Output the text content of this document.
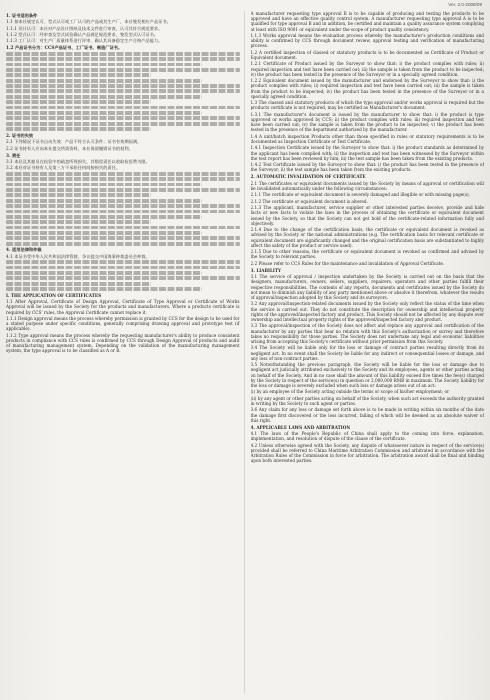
Ver. 2.0-2008/09

1. 证书适用条件

1.1 按本社规定认可、型式认可或工厂认可的产品或其生产厂，本社签发相应产品证书。

1.1.1 设计认可：本社对产品设计图纸及技术文件进行审查，认可其符合规范要求。

1.1.2 型式认可：经审查及型式试验确认产品满足规范要求，签发型式认可证书。

1.1.3 工厂认可：对生产厂质量体系进行评审，确认其具备稳定生产合格产品能力。

1.2 产品证书分为：CCS产品证书、工厂证书、制造厂证书。

2. 证书的失效

2.1 下列情况下证书自动失效：产品不符合认可条件；证书有效期届满。

2.2 证书持有人应向本社提交所需资料，本社保留撤销证书的权利。

3. 责任

3.1 本社及其雇员在检验中的疏忽所致损失，其赔偿责任以收取检验费为限。

3.2 本社对证书持有人及第三方不承担任何间接损失的责任。

4. 适用法律和仲裁

4.1 本证书受中华人民共和国法律管辖，争议提交中国海事仲裁委员会仲裁。

I. THE APPLICATION OF CERTIFICATES

1.1 After Approval, Certificate of Design Approval, Certificate of Type Approval or Certificate of Works Approval will be issued by the Society for the products and manufacturers. Where a products certificate is required by CCS' rules, the Approval Certificate cannot replace it.

1.1.1 Design approval means the process whereby permission is granted by CCS for the design to be used for a stated purpose under specific conditions, generally comprising drawing approval and prototype test (if applicable).

1.1.2 Type approval means the process whereby the requesting manufacturer's ability to produce consistent products in compliance with CCS rules is confirmed by CCS through Design Approval of products and audit of manufacturing management system. Depending on the validation of the manufacturing management system, the type approval is to be classified as A or B.

A manufacturer requesting type approval B is to be capable of producing and testing the products to be approved and have an effective quality control system. A manufacturer requesting type approval A is to be qualified for type approval B and in addition, be certified and maintain a quality assurance system complying at least with ISO 9001 or equivalent under the scope of product quality consistency.

1.1.3 Works approval means the evaluation process whereby the manufacturer's production conditions and ability is confirmed by CCS through document review, approval testing and verification of manufacturing process.

1.2 A certified inspection of classed or statutory products is to be documented as Certificate of Product or Equivalent document.

1.2.1 Certificate of Product issued by the Surveyor to show that: i) the product complies with rules; ii) required inspection and test have been carried out; iii) the sample is taken from the product to be inspected; iv) the product has been tested in the presence of the Surveyor or in a specially agreed condition.

1.2.2 Equivalent document issued by the manufacturer and endorsed by the Surveyor to show that: i) the product complies with rules; ii) required inspection and test have been carried out; iii) the sample is taken from the product to be inspected; iv) the product has been tested in the presence of the Surveyor or in a specially agreed condition.

1.3 The classed and statutory products of which the type approval and/or works approval is required but the products certificate is not required, may be certified as Manufacturer's document.

1.3.1 The manufacturer's document is issued by the manufacturer to show that: i) the product is type approved or works approved by CCS; ii) the product complies with rules; iii) required inspection and test have been carried out; iv) the sample is taken from the product to be inspected; v) the product has been tested in the presence of the department authorized by the manufacturer.

1.4 A unit/batch inspection Products other than those specified in rules or statutory requirements is to be documented as Inspection Certificate or Test Certificate.

1.4.1 Inspection Certificate issued by the Surveyor to show that: i) the product standards as determined by the applicant has been complied with; ii) the inspection and test has been witnessed by the Surveyor within the test report has been reviewed by him; iii) the test sample has been taken from the existing products.

1.4.2 Test Certificate issued by the Surveyor to show that: i) the product has been tested in the presence of the Surveyor; ii) the test sample has been taken from the existing products.

2. AUTOMATIC INVALIDATION OF CERTIFICATE

2.1 The certificates or equivalent documents issued by the Society by means of approval or certification will be invalidated automatically under the following circumstances:

2.1.1 The certificate or equivalent document is severely damaged and illegible or with missing page(s).

2.1.2 The certificate or equivalent document is altered.

2.1.3 The applicant, manufacturer, service supplier or other interested parties deceive, provide and hide facts or new facts to violate the laws in the process of obtaining the certificate or equivalent document issued by the Society, so that the Society can not get hold of the certificate-related information fully and objectively.

2.1.4 Due to the change of the certification basis, the certificate or equivalent document is revoked as advised by the Society or the national administrations (e.g. The certification basis for relevant certificate or equivalent document are significantly changed and the original certification basis are substantiated to highly affect the safety of the product or service used).

2.1.5 Due to other reasons, the certificate or equivalent document is revoked as confirmed and advised by the Society to relevant parties.

2.2 Please refer to CCS Rules for the maintenance and invalidation of Approval Certificate.

3. LIABILITY

3.1 The service of approval / inspection undertaken by the Society is carried out on the basis that the designers, manufacturers, owners, sellers, suppliers, repairers, operators and other parties fulfill their respective responsibilities. The contents of any reports, documents and certificates issued by the Society do not mean to diminish any liability of any party mentioned above or absolve it therefrom, whatever the results of approval/inspection adopted by this Society and its surveyors.

3.2 Any approval/inspection-related documents issued by the Society only reflect the status of the time when the service is carried out. They do not constitute the description for ownership and intellectual property rights of the approved/inspected factory and product. This Society should not be affected by any dispute over ownership and intellectual property rights of the approved/inspected factory and product.

3.3 The approval/inspection of the Society does not affect and replace any approval and certification of the manufacturer by any parties that bear no relation with this Society's authorization or survey and therefore takes no responsibility for those parties. The Society does not undertake any legal and economic liabilities arising from accepting this Society's certificate without prior permission from this Society.

3.4 The Society will be liable only for the loss or damage of contract parties resulting directly from its negligent act. In no event shall the Society be liable for any indirect or consequential losses or damage, and any loss of non-contract parties.

3.5 Notwithstanding the previous paragraph, the Society will be liable for the loss or damage due to negligent act judicially attributed exclusively to the Society and its employees, agents or other parties acting on behalf of the Society. And in no case shall the amount of this liability exceed five times the fee(s) charged by the Society in respect of the service(s) in question or 2,000,000 RMB in maximum. The Society liability for the loss or damage is severely excluded when such loss or damage arises out of an act:

(i) by an employee of the Society acting outside the terms or scope of his/her employment; or

(ii) by any agent or other parties acting on behalf of the Society, when such act exceeds the authority granted in writing by the Society to such agent or parties.

3.6 Any claim for any loss or damage set forth above is to be made in writing within six months of the date the damage first discovered or the loss incurred, failing of which will be deemed as an absolute waiver of this right.

4. APPLICABLE LAWS AND ARBITRATION

4.1 The laws of the People's Republic of China shall apply to the coming into force, explanation, implementation, and resolution of dispute of the clause of the certificate.

4.2 Unless otherwise agreed with the Society, any dispute of whatsoever nature in respect of the service(s) provided shall be referred to China Maritime Arbitration Commission and arbitrated in accordance with the Arbitration Rules of the Commission in force for arbitration. The arbitration award shall be final and binding upon both interested parties.
